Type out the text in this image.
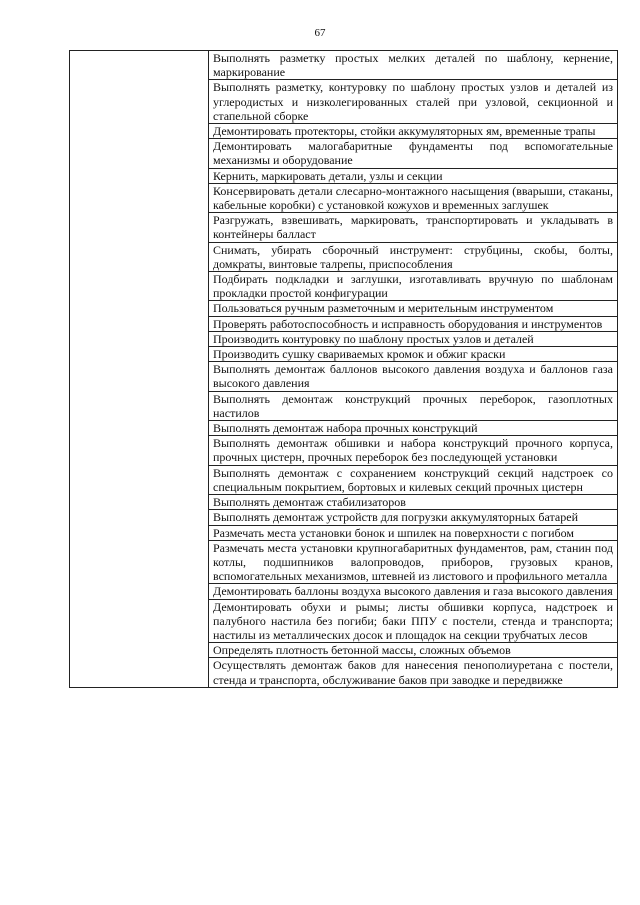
67
	Выполнять разметку простых мелких деталей по шаблону, кернение, маркирование
Выполнять разметку, контуровку по шаблону простых узлов и деталей из углеродистых и низколегированных сталей при узловой, секционной и стапельной сборке
Демонтировать протекторы, стойки аккумуляторных ям, временные трапы
Демонтировать малогабаритные фундаменты под вспомогательные механизмы и оборудование
Кернить, маркировать детали, узлы и секции
Консервировать детали слесарно-монтажного насыщения (вварыши, стаканы, кабельные коробки) с установкой кожухов и временных заглушек
Разгружать, взвешивать, маркировать, транспортировать и укладывать в контейнеры балласт
Снимать, убирать сборочный инструмент: струбцины, скобы, болты, домкраты, винтовые талрепы, приспособления
Подбирать подкладки и заглушки, изготавливать вручную по шаблонам прокладки простой конфигурации
Пользоваться ручным разметочным и мерительным инструментом
Проверять работоспособность и исправность оборудования и инструментов
Производить контуровку по шаблону простых узлов и деталей
Производить сушку свариваемых кромок и обжиг краски
Выполнять демонтаж баллонов высокого давления воздуха и баллонов газа высокого давления
Выполнять демонтаж конструкций прочных переборок, газоплотных настилов
Выполнять демонтаж набора прочных конструкций
Выполнять демонтаж обшивки и набора конструкций прочного корпуса, прочных цистерн, прочных переборок без последующей установки
Выполнять демонтаж с сохранением конструкций секций надстроек со специальным покрытием, бортовых и килевых секций прочных цистерн
Выполнять демонтаж стабилизаторов
Выполнять демонтаж устройств для погрузки аккумуляторных батарей
Размечать места установки бонок и шпилек на поверхности с погибом
Размечать места установки крупногабаритных фундаментов, рам, станин под котлы, подшипников валопроводов, приборов, грузовых кранов, вспомогательных механизмов, штевней из листового и профильного металла
Демонтировать баллоны воздуха высокого давления и газа высокого давления
Демонтировать обухи и рымы; листы обшивки корпуса, надстроек и палубного настила без погиби; баки ППУ с постели, стенда и транспорта; настилы из металлических досок и площадок на секции трубчатых лесов
Определять плотность бетонной массы, сложных объемов
Осуществлять демонтаж баков для нанесения пенополиуретана с постели, стенда и транспорта, обслуживание баков при заводке и передвижке
